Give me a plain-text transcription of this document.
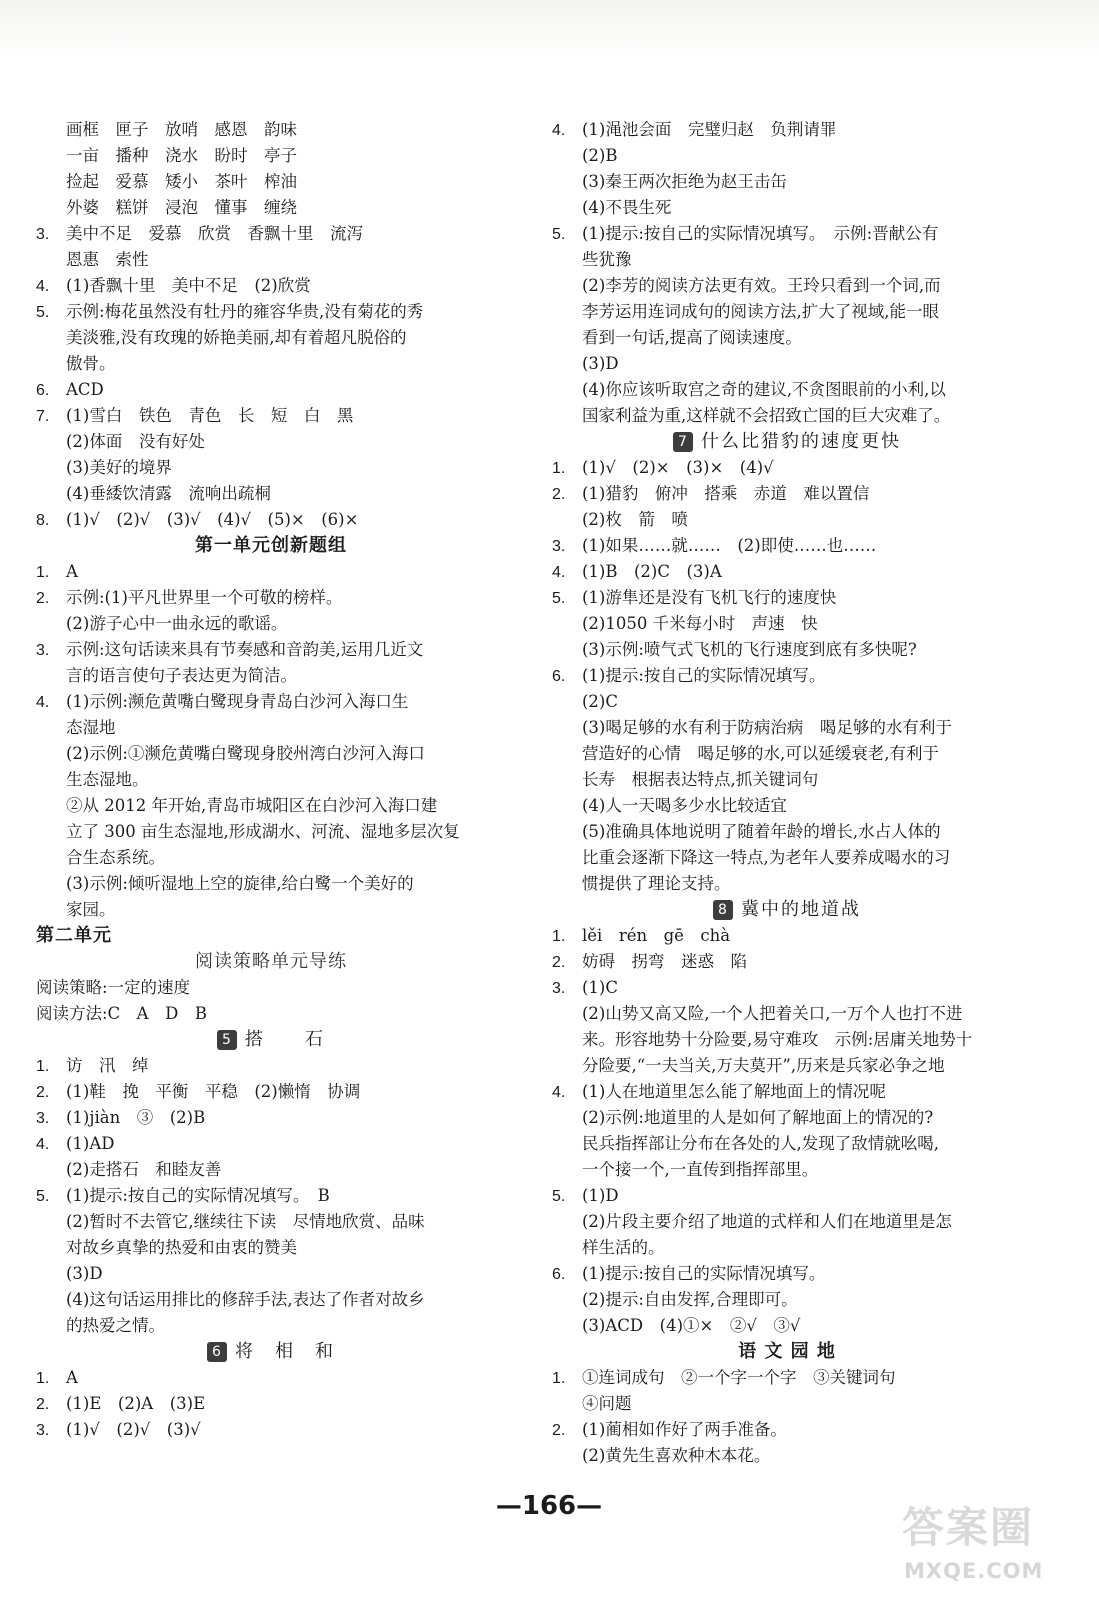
画框　匣子　放哨　感恩　韵味
一亩　播种　浇水　盼时　亭子
捡起　爱慕　矮小　茶叶　榨油
外婆　糕饼　浸泡　懂事　缠绕
3. 美中不足　爱慕　欣赏　香飘十里　流泻
恩惠　索性
4. (1)香飘十里　美中不足　(2)欣赏
5. 示例:梅花虽然没有牡丹的雍容华贵,没有菊花的秀
美淡雅,没有玫瑰的娇艳美丽,却有着超凡脱俗的
傲骨。
6. ACD
7. (1)雪白　铁色　青色　长　短　白　黑
(2)体面　没有好处
(3)美好的境界
(4)垂緌饮清露　流响出疏桐
8. (1)√　(2)√　(3)√　(4)√　(5)×　(6)×
第一单元创新题组
1. A
2. 示例:(1)平凡世界里一个可敬的榜样。
(2)游子心中一曲永远的歌谣。
3. 示例:这句话读来具有节奏感和音韵美,运用几近文
言的语言使句子表达更为简洁。
4. (1)示例:濒危黄嘴白鹭现身青岛白沙河入海口生
态湿地
(2)示例:①濒危黄嘴白鹭现身胶州湾白沙河入海口
生态湿地。
②从 2012 年开始,青岛市城阳区在白沙河入海口建
立了 300 亩生态湿地,形成湖水、河流、湿地多层次复
合生态系统。
(3)示例:倾听湿地上空的旋律,给白鹭一个美好的
家园。
第二单元
阅读策略单元导练
阅读策略:一定的速度
阅读方法:C　A　D　B
5 搭　　石
1. 访　汛　绰
2. (1)鞋　挽　平衡　平稳　(2)懒惰　协调
3. (1)jiàn　③　(2)B
4. (1)AD
(2)走搭石　和睦友善
5. (1)提示:按自己的实际情况填写。　B
(2)暂时不去管它,继续往下读　尽情地欣赏、品味
对故乡真挚的热爱和由衷的赞美
(3)D
(4)这句话运用排比的修辞手法,表达了作者对故乡
的热爱之情。
6 将　相　和
1. A
2. (1)E　(2)A　(3)E
3. (1)√　(2)√　(3)√
4. (1)渑池会面　完璧归赵　负荆请罪
(2)B
(3)秦王两次拒绝为赵王击缶
(4)不畏生死
5. (1)提示:按自己的实际情况填写。　示例:晋献公有
些犹豫
(2)李芳的阅读方法更有效。王玲只看到一个词,而
李芳运用连词成句的阅读方法,扩大了视域,能一眼
看到一句话,提高了阅读速度。
(3)D
(4)你应该听取宫之奇的建议,不贪图眼前的小利,以
国家利益为重,这样就不会招致亡国的巨大灾难了。
7 什么比猎豹的速度更快
1. (1)√　(2)×　(3)×　(4)√
2. (1)猎豹　俯冲　搭乘　赤道　难以置信
(2)枚　箭　喷
3. (1)如果……就……　(2)即使……也……
4. (1)B　(2)C　(3)A
5. (1)游隼还是没有飞机飞行的速度快
(2)1050 千米每小时　声速　快
(3)示例:喷气式飞机的飞行速度到底有多快呢?
6. (1)提示:按自己的实际情况填写。
(2)C
(3)喝足够的水有利于防病治病　喝足够的水有利于
营造好的心情　喝足够的水,可以延缓衰老,有利于
长寿　根据表达特点,抓关键词句
(4)人一天喝多少水比较适宜
(5)准确具体地说明了随着年龄的增长,水占人体的
比重会逐渐下降这一特点,为老年人要养成喝水的习
惯提供了理论支持。
8 冀中的地道战
1. lěi　rén　gē　chà
2. 妨碍　拐弯　迷惑　陷
3. (1)C
(2)山势又高又险,一个人把着关口,一万个人也打不进
来。形容地势十分险要,易守难攻　示例:居庸关地势十
分险要,“一夫当关,万夫莫开”,历来是兵家必争之地
4. (1)人在地道里怎么能了解地面上的情况呢
(2)示例:地道里的人是如何了解地面上的情况的?
民兵指挥部让分布在各处的人,发现了敌情就吆喝,
一个接一个,一直传到指挥部里。
5. (1)D
(2)片段主要介绍了地道的式样和人们在地道里是怎
样生活的。
6. (1)提示:按自己的实际情况填写。
(2)提示:自由发挥,合理即可。
(3)ACD　(4)①×　②√　③√
语 文 园 地
1. ①连词成句　②一个字一个字　③关键词句
④问题
2. (1)蔺相如作好了两手准备。
(2)黄先生喜欢种木本花。
—166—	答案圈
MXQE.COM
